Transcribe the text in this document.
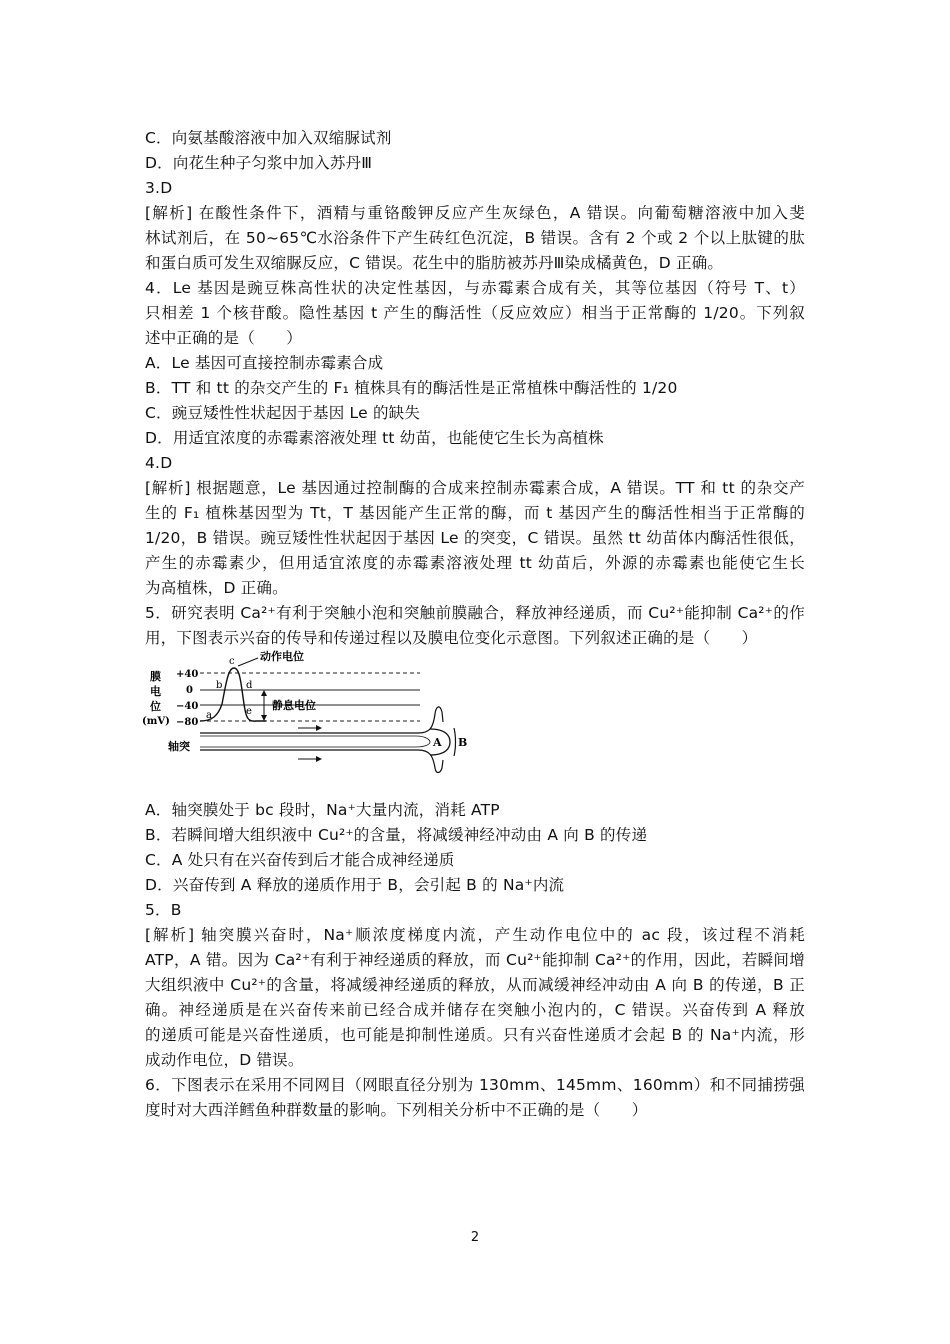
C．向氨基酸溶液中加入双缩脲试剂
D．向花生种子匀浆中加入苏丹Ⅲ
3.D
[解析] 在酸性条件下，酒精与重铬酸钾反应产生灰绿色，A 错误。向葡萄糖溶液中加入斐
林试剂后，在 50~65℃水浴条件下产生砖红色沉淀，B 错误。含有 2 个或 2 个以上肽键的肽
和蛋白质可发生双缩脲反应，C 错误。花生中的脂肪被苏丹Ⅲ染成橘黄色，D 正确。
4．Le 基因是豌豆株高性状的决定性基因，与赤霉素合成有关，其等位基因（符号 T、t）
只相差 1 个核苷酸。隐性基因 t 产生的酶活性（反应效应）相当于正常酶的 1/20。下列叙
述中正确的是（　　）
A．Le 基因可直接控制赤霉素合成
B．TT 和 tt 的杂交产生的 F₁ 植株具有的酶活性是正常植株中酶活性的 1/20
C．豌豆矮性性状起因于基因 Le 的缺失
D．用适宜浓度的赤霉素溶液处理 tt 幼苗，也能使它生长为高植株
4.D
[解析] 根据题意，Le 基因通过控制酶的合成来控制赤霉素合成，A 错误。TT 和 tt 的杂交产
生的 F₁ 植株基因型为 Tt，T 基因能产生正常的酶，而 t 基因产生的酶活性相当于正常酶的
1/20，B 错误。豌豆矮性性状起因于基因 Le 的突变，C 错误。虽然 tt 幼苗体内酶活性很低，
产生的赤霉素少，但用适宜浓度的赤霉素溶液处理 tt 幼苗后，外源的赤霉素也能使它生长
为高植株，D 正确。
5．研究表明 Ca²⁺有利于突触小泡和突触前膜融合，释放神经递质，而 Cu²⁺能抑制 Ca²⁺的作
用，下图表示兴奋的传导和传递过程以及膜电位变化示意图。下列叙述正确的是（　　）
膜
电
位
(mV)
+40
0
−40
−80
a
b
c
d
e
动作电位
静息电位
轴突	A B
A．轴突膜处于 bc 段时，Na⁺大量内流，消耗 ATP
B．若瞬间增大组织液中 Cu²⁺的含量，将减缓神经冲动由 A 向 B 的传递
C．A 处只有在兴奋传到后才能合成神经递质
D．兴奋传到 A 释放的递质作用于 B，会引起 B 的 Na⁺内流
5．B
[解析] 轴突膜兴奋时，Na⁺顺浓度梯度内流，产生动作电位中的 ac 段，该过程不消耗
ATP，A 错。因为 Ca²⁺有利于神经递质的释放，而 Cu²⁺能抑制 Ca²⁺的作用，因此，若瞬间增
大组织液中 Cu²⁺的含量，将减缓神经递质的释放，从而减缓神经冲动由 A 向 B 的传递，B 正
确。神经递质是在兴奋传来前已经合成并储存在突触小泡内的，C 错误。兴奋传到 A 释放
的递质可能是兴奋性递质，也可能是抑制性递质。只有兴奋性递质才会起 B 的 Na⁺内流，形
成动作电位，D 错误。
6．下图表示在采用不同网目（网眼直径分别为 130mm、145mm、160mm）和不同捕捞强
度时对大西洋鳕鱼种群数量的影响。下列相关分析中不正确的是（　　）
2
